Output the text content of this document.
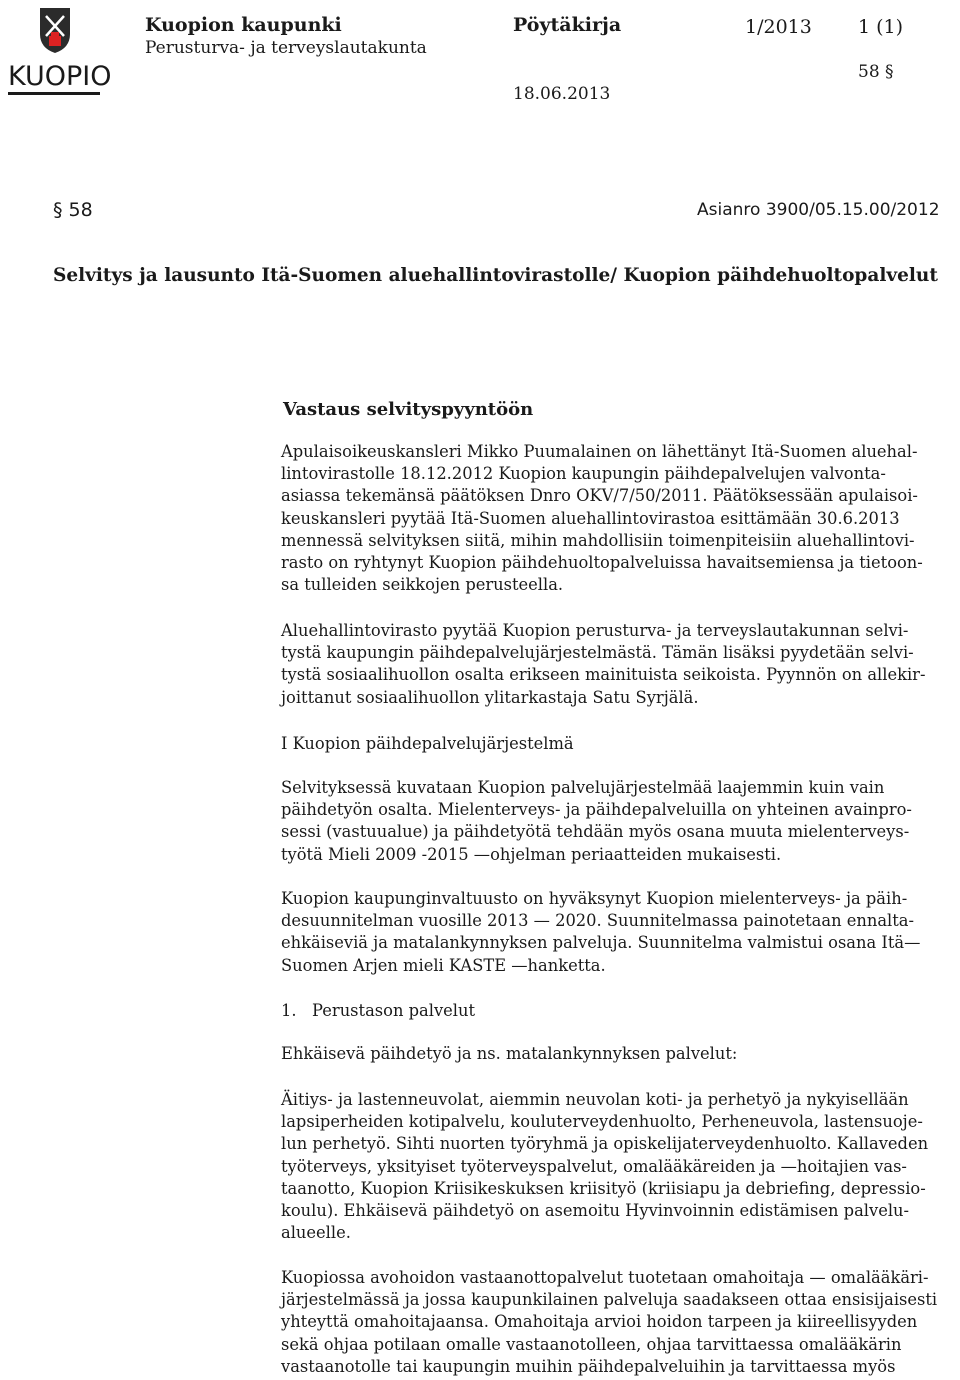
KUOPIO
Kuopion kaupunki
Perusturva- ja terveyslautakunta
Pöytäkirja	1/2013 1 (1)
58 §
18.06.2013
§ 58	Asianro 3900/05.15.00/2012
Selvitys ja lausunto Itä-Suomen aluehallintovirastolle/ Kuopion päihdehuoltopalvelut
Vastaus selvityspyyntöön
Apulaisoikeuskansleri Mikko Puumalainen on lähettänyt Itä-Suomen aluehal-
lintovirastolle 18.12.2012 Kuopion kaupungin päihdepalvelujen valvonta-
asiassa tekemänsä päätöksen Dnro OKV/7/50/2011. Päätöksessään apulaisoi-
keuskansleri pyytää Itä-Suomen aluehallintovirastoa esittämään 30.6.2013
mennessä selvityksen siitä, mihin mahdollisiin toimenpiteisiin aluehallintovi-
rasto on ryhtynyt Kuopion päihdehuoltopalveluissa havaitsemiensa ja tietoon-
sa tulleiden seikkojen perusteella.
Aluehallintovirasto pyytää Kuopion perusturva- ja terveyslautakunnan selvi-
tystä kaupungin päihdepalvelujärjestelmästä. Tämän lisäksi pyydetään selvi-
tystä sosiaalihuollon osalta erikseen mainituista seikoista. Pyynnön on allekir-
joittanut sosiaalihuollon ylitarkastaja Satu Syrjälä.
I Kuopion päihdepalvelujärjestelmä
Selvityksessä kuvataan Kuopion palvelujärjestelmää laajemmin kuin vain
päihdetyön osalta. Mielenterveys- ja päihdepalveluilla on yhteinen avainpro-
sessi (vastuualue) ja päihdetyötä tehdään myös osana muuta mielenterveys-
työtä Mieli 2009 -2015 —ohjelman periaatteiden mukaisesti.
Kuopion kaupunginvaltuusto on hyväksynyt Kuopion mielenterveys- ja päih-
desuunnitelman vuosille 2013 — 2020. Suunnitelmassa painotetaan ennalta-
ehkäiseviä ja matalankynnyksen palveluja. Suunnitelma valmistui osana Itä—
Suomen Arjen mieli KASTE —hanketta.
1.   Perustason palvelut
Ehkäisevä päihdetyö ja ns. matalankynnyksen palvelut:
Äitiys- ja lastenneuvolat, aiemmin neuvolan koti- ja perhetyö ja nykyisellään
lapsiperheiden kotipalvelu, kouluterveydenhuolto, Perheneuvola, lastensuoje-
lun perhetyö. Sihti nuorten työryhmä ja opiskelijaterveydenhuolto. Kallaveden
työterveys, yksityiset työterveyspalvelut, omalääkäreiden ja —hoitajien vas-
taanotto, Kuopion Kriisikeskuksen kriisityö (kriisiapu ja debriefing, depressio-
koulu). Ehkäisevä päihdetyö on asemoitu Hyvinvoinnin edistämisen palvelu-
alueelle.
Kuopiossa avohoidon vastaanottopalvelut tuotetaan omahoitaja — omalääkäri-
järjestelmässä ja jossa kaupunkilainen palveluja saadakseen ottaa ensisijaisesti
yhteyttä omahoitajaansa. Omahoitaja arvioi hoidon tarpeen ja kiireellisyyden
sekä ohjaa potilaan omalle vastaanotolleen, ohjaa tarvittaessa omalääkärin
vastaanotolle tai kaupungin muihin päihdepalveluihin ja tarvittaessa myös
